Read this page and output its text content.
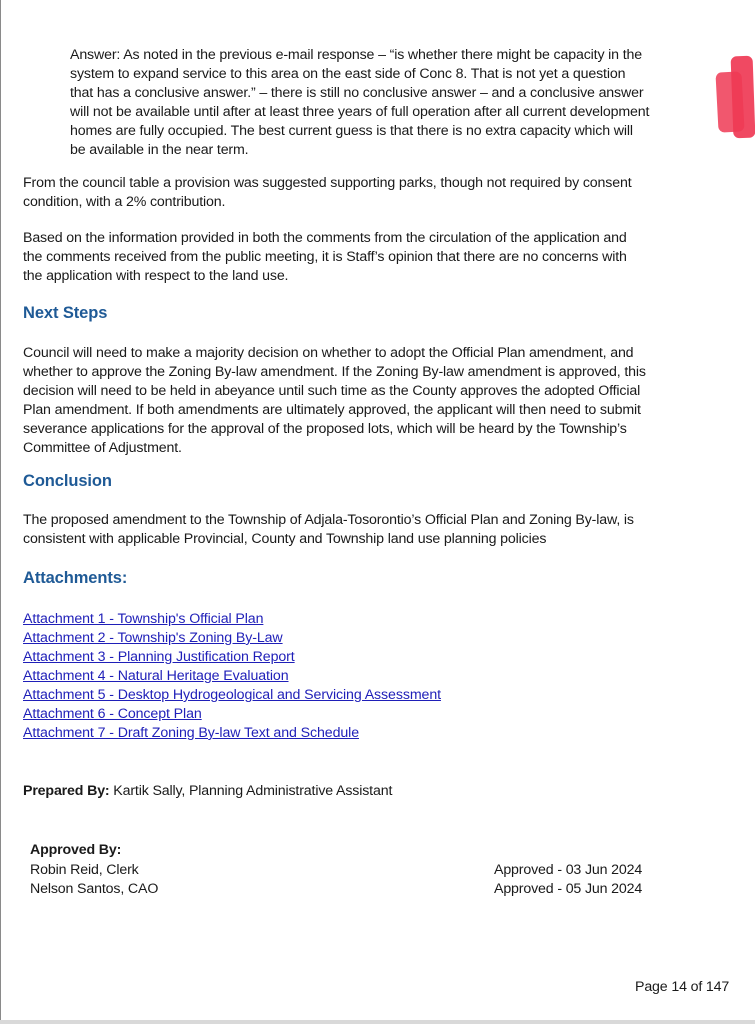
Answer: As noted in the previous e-mail response – “is whether there might be capacity in the
system to expand service to this area on the east side of Conc 8. That is not yet a question
that has a conclusive answer.” – there is still no conclusive answer – and a conclusive answer
will not be available until after at least three years of full operation after all current development
homes are fully occupied. The best current guess is that there is no extra capacity which will
be available in the near term.
From the council table a provision was suggested supporting parks, though not required by consent
condition, with a 2% contribution.
Based on the information provided in both the comments from the circulation of the application and
the comments received from the public meeting, it is Staff’s opinion that there are no concerns with
the application with respect to the land use.
Next Steps
Council will need to make a majority decision on whether to adopt the Official Plan amendment, and
whether to approve the Zoning By-law amendment. If the Zoning By-law amendment is approved, this
decision will need to be held in abeyance until such time as the County approves the adopted Official
Plan amendment. If both amendments are ultimately approved, the applicant will then need to submit
severance applications for the approval of the proposed lots, which will be heard by the Township’s
Committee of Adjustment.
Conclusion
The proposed amendment to the Township of Adjala-Tosorontio’s Official Plan and Zoning By-law, is
consistent with applicable Provincial, County and Township land use planning policies
Attachments:
Attachment 1 - Township's Official Plan
Attachment 2 - Township's Zoning By-Law
Attachment 3 - Planning Justification Report
Attachment 4 - Natural Heritage Evaluation
Attachment 5 - Desktop Hydrogeological and Servicing Assessment
Attachment 6 - Concept Plan
Attachment 7 - Draft Zoning By-law Text and Schedule
Prepared By: Kartik Sally, Planning Administrative Assistant
Approved By:
Robin Reid, Clerk	Approved - 03 Jun 2024
Nelson Santos, CAO	Approved - 05 Jun 2024
Page 14 of 147
